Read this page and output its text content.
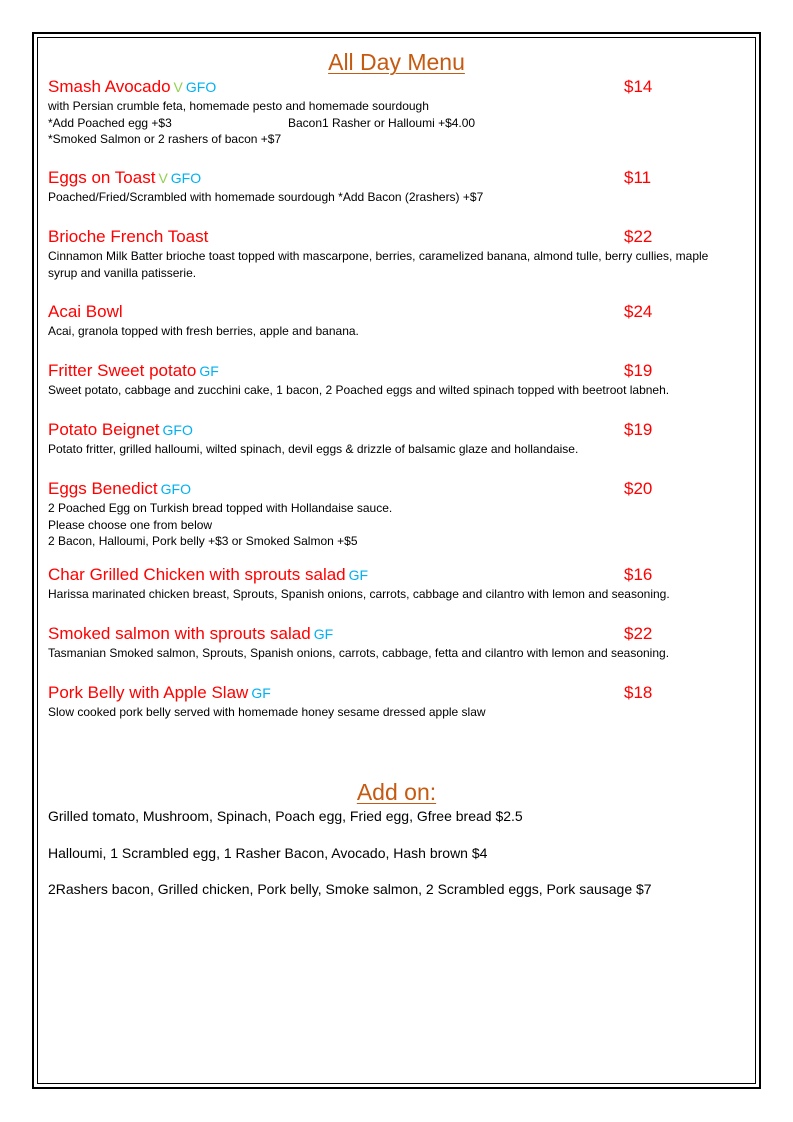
All Day Menu
Smash Avocado V GFO	$14
with Persian crumble feta, homemade pesto and homemade sourdough
*Add Poached egg +$3	Bacon1 Rasher or Halloumi +$4.00
*Smoked Salmon or 2 rashers of bacon +$7
Eggs on Toast V GFO	$11
Poached/Fried/Scrambled with homemade sourdough *Add Bacon (2rashers) +$7
Brioche French Toast	$22
Cinnamon Milk Batter brioche toast topped with mascarpone, berries, caramelized banana, almond tulle, berry cullies, maple syrup and vanilla patisserie.
Acai Bowl	$24
Acai, granola topped with fresh berries, apple and banana.
Fritter Sweet potato GF	$19
Sweet potato, cabbage and zucchini cake, 1 bacon, 2 Poached eggs and wilted spinach topped with beetroot labneh.
Potato Beignet GFO	$19
Potato fritter, grilled halloumi, wilted spinach, devil eggs & drizzle of balsamic glaze and hollandaise.
Eggs Benedict GFO	$20
2 Poached Egg on Turkish bread topped with Hollandaise sauce.
Please choose one from below
2 Bacon, Halloumi, Pork belly +$3 or Smoked Salmon +$5
Char Grilled Chicken with sprouts salad GF	$16
Harissa marinated chicken breast, Sprouts, Spanish onions, carrots, cabbage and cilantro with lemon and seasoning.
Smoked salmon with sprouts salad GF	$22
Tasmanian Smoked salmon, Sprouts, Spanish onions, carrots, cabbage, fetta and cilantro with lemon and seasoning.
Pork Belly with Apple Slaw GF	$18
Slow cooked pork belly served with homemade honey sesame dressed apple slaw
Add on:
Grilled tomato, Mushroom, Spinach, Poach egg, Fried egg, Gfree bread $2.5
Halloumi, 1 Scrambled egg, 1 Rasher Bacon, Avocado, Hash brown $4
2Rashers bacon, Grilled chicken, Pork belly, Smoke salmon, 2 Scrambled eggs, Pork sausage $7
